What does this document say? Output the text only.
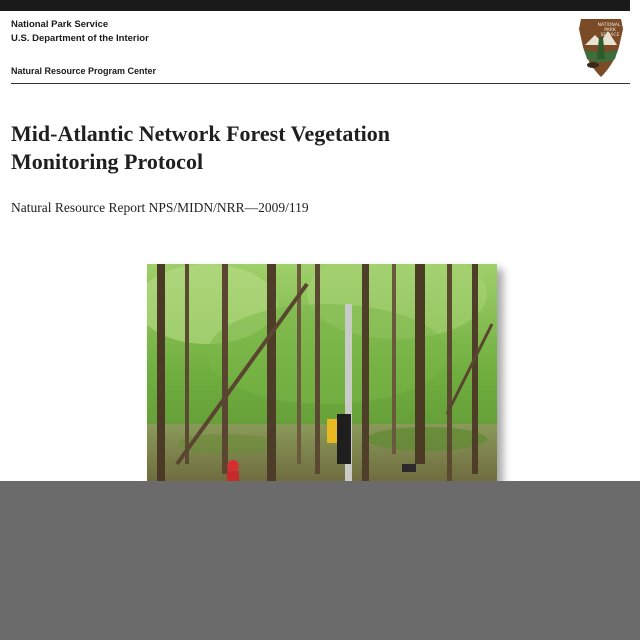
National Park Service
U.S. Department of the Interior
Natural Resource Program Center
NATIONAL
PARK
SERVICE
Mid-Atlantic Network Forest Vegetation
Monitoring Protocol
Natural Resource Report NPS/MIDN/NRR—2009/119
